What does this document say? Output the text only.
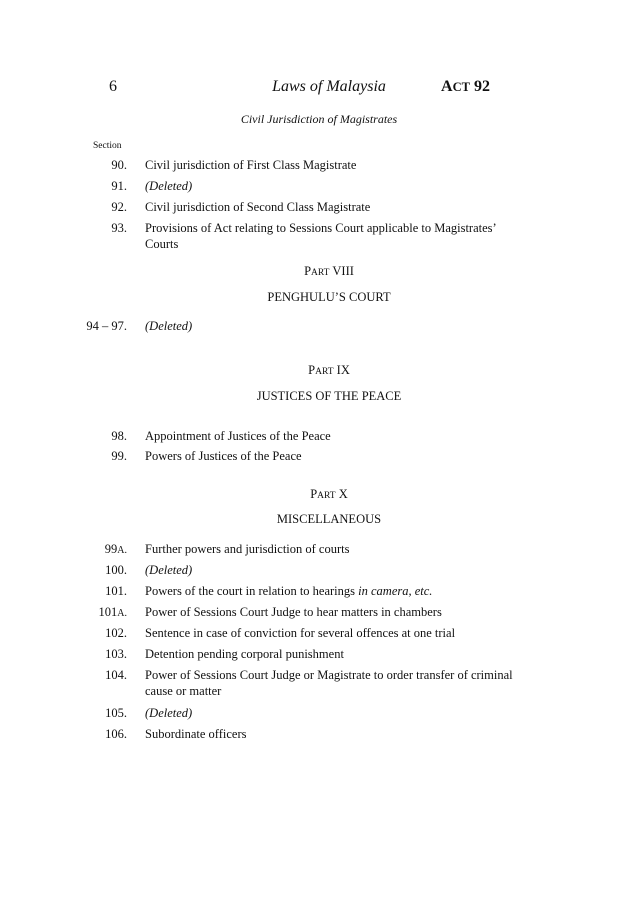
6	Laws of Malaysia	ACT 92
Civil Jurisdiction of Magistrates
Section
90. Civil jurisdiction of First Class Magistrate
91. (Deleted)
92. Civil jurisdiction of Second Class Magistrate
93. Provisions of Act relating to Sessions Court applicable to Magistrates’ Courts
PART VIII
PENGHULU’S COURT
94 – 97. (Deleted)
PART IX
JUSTICES OF THE PEACE
98. Appointment of Justices of the Peace
99. Powers of Justices of the Peace
PART X
MISCELLANEOUS
99A. Further powers and jurisdiction of courts
100. (Deleted)
101. Powers of the court in relation to hearings in camera, etc.
101A. Power of Sessions Court Judge to hear matters in chambers
102. Sentence in case of conviction for several offences at one trial
103. Detention pending corporal punishment
104. Power of Sessions Court Judge or Magistrate to order transfer of criminal cause or matter
105. (Deleted)
106. Subordinate officers
